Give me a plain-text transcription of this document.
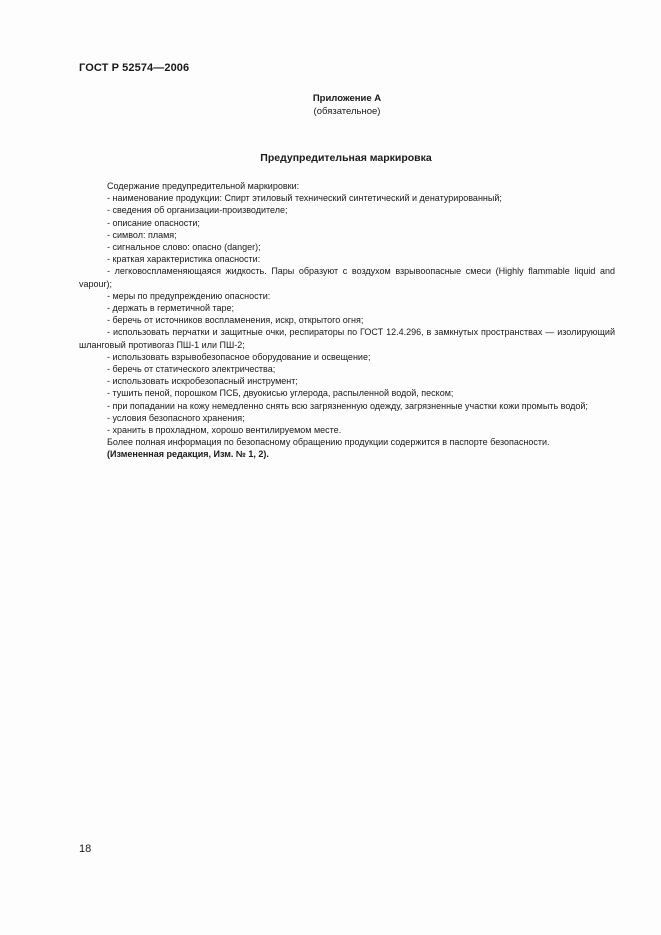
ГОСТ Р 52574—2006
Приложение А
(обязательное)
Предупредительная маркировка

Содержание предупредительной маркировки:

- наименование продукции: Спирт этиловый технический синтетический и денатурированный;

- сведения об организации-производителе;

- описание опасности;

- символ: пламя;

- сигнальное слово: опасно (danger);

- краткая характеристика опасности:

- легковоспламеняющаяся жидкость. Пары образуют с воздухом взрывоопасные смеси (Highly flammable liquid and vapour);

- меры по предупреждению опасности:

- держать в герметичной таре;

- беречь от источников воспламенения, искр, открытого огня;

- использовать перчатки и защитные очки, респираторы по ГОСТ 12.4.296, в замкнутых пространствах — изолирующий шланговый противогаз ПШ-1 или ПШ-2;

- использовать взрывобезопасное оборудование и освещение;

- беречь от статического электричества;

- использовать искробезопасный инструмент;

- тушить пеной, порошком ПСБ, двуокисью углерода, распыленной водой, песком;

- при попадании на кожу немедленно снять всю загрязненную одежду, загрязненные участки кожи промыть водой;

- условия безопасного хранения;

- хранить в прохладном, хорошо вентилируемом месте.

Более полная информация по безопасному обращению продукции содержится в паспорте безопасности.

(Измененная редакция, Изм. № 1, 2).

18
